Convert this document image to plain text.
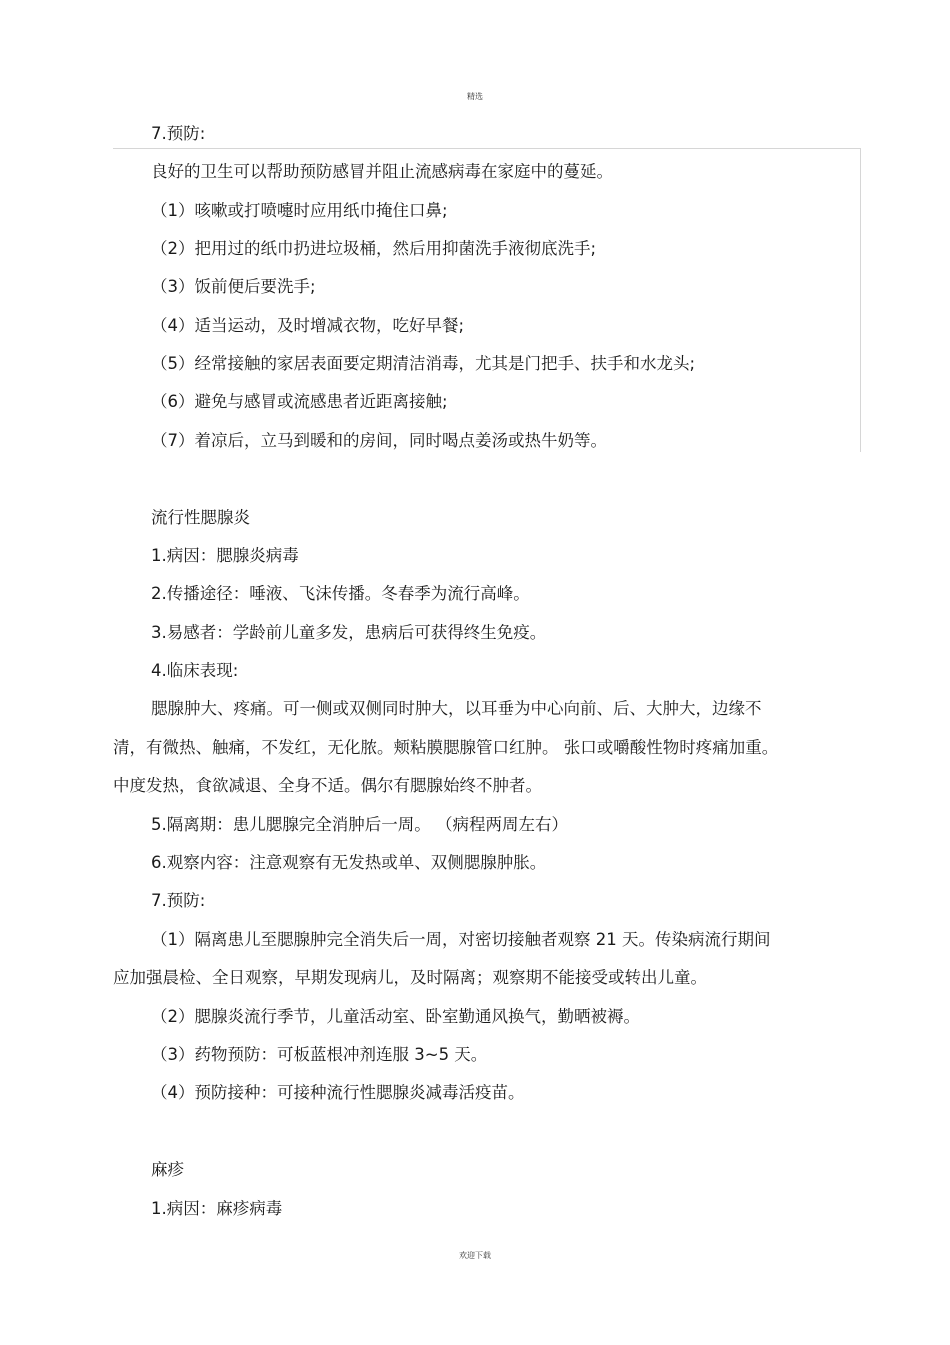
精选
7.预防:
良好的卫生可以帮助预防感冒并阻止流感病毒在家庭中的蔓延。
（1）咳嗽或打喷嚏时应用纸巾掩住口鼻;
（2）把用过的纸巾扔进垃圾桶，然后用抑菌洗手液彻底洗手;
（3）饭前便后要洗手;
（4）适当运动，及时增减衣物，吃好早餐;
（5）经常接触的家居表面要定期清洁消毒，尤其是门把手、扶手和水龙头;
（6）避免与感冒或流感患者近距离接触;
（7）着凉后，立马到暖和的房间，同时喝点姜汤或热牛奶等。
流行性腮腺炎
1.病因：腮腺炎病毒
2.传播途径：唾液、飞沫传播。冬春季为流行高峰。
3.易感者：学龄前儿童多发，患病后可获得终生免疫。
4.临床表现:
腮腺肿大、疼痛。可一侧或双侧同时肿大，以耳垂为中心向前、后、大肿大，边缘不
清，有微热、触痛，不发红，无化脓。颊粘膜腮腺管口红肿。 张口或嚼酸性物时疼痛加重。
中度发热，食欲减退、全身不适。偶尔有腮腺始终不肿者。
5.隔离期：患儿腮腺完全消肿后一周。 （病程两周左右）
6.观察内容：注意观察有无发热或单、双侧腮腺肿胀。
7.预防:
（1）隔离患儿至腮腺肿完全消失后一周，对密切接触者观察 21 天。传染病流行期间
应加强晨检、全日观察，早期发现病儿，及时隔离；观察期不能接受或转出儿童。
（2）腮腺炎流行季节，儿童活动室、卧室勤通风换气，勤晒被褥。
（3）药物预防：可板蓝根冲剂连服 3~5 天。
（4）预防接种：可接种流行性腮腺炎减毒活疫苗。
麻疹
1.病因：麻疹病毒
欢迎下载
